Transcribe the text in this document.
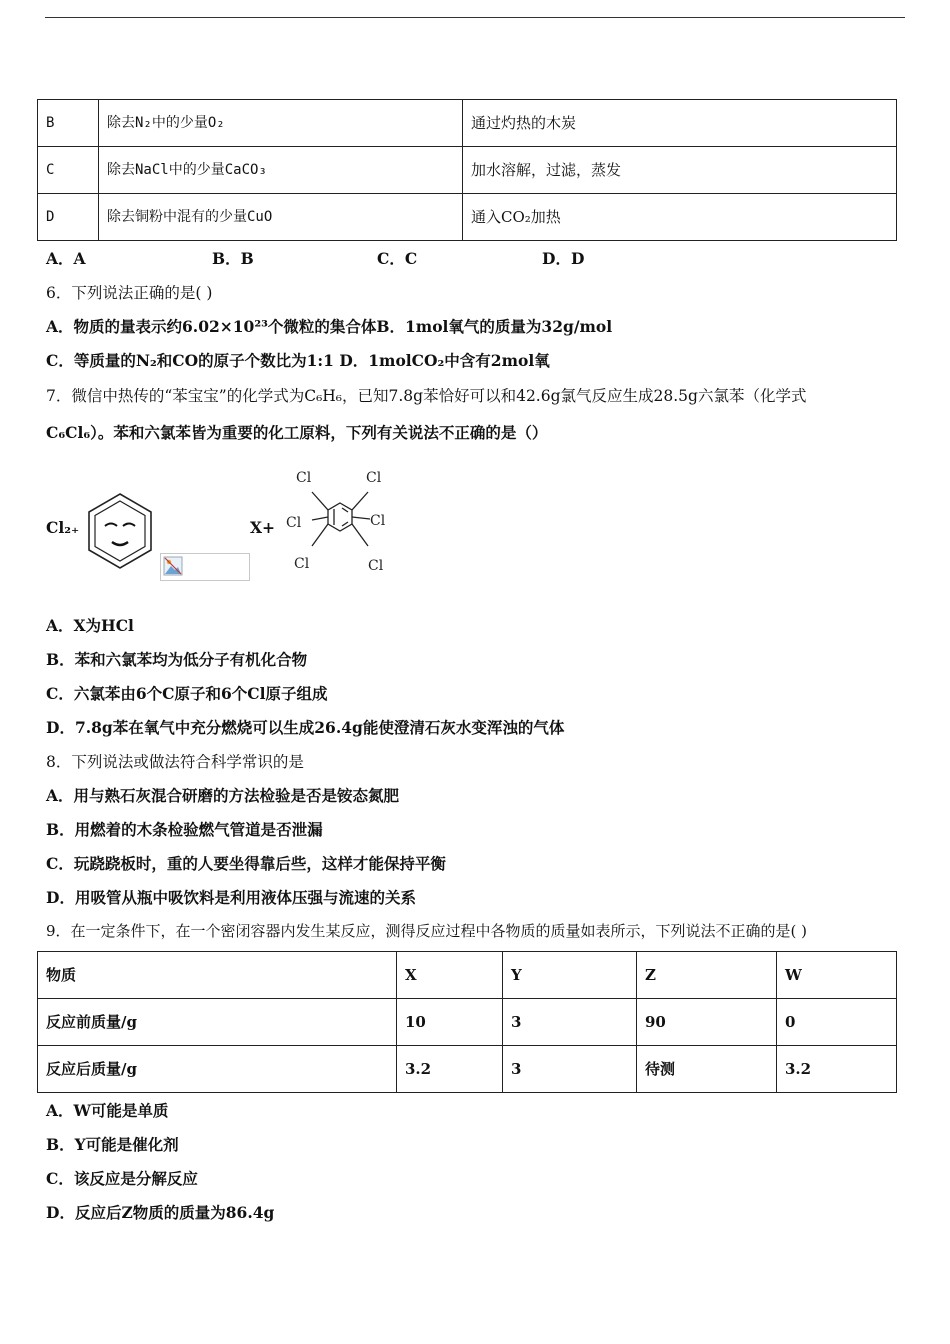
B	除去N₂中的少量O₂	通过灼热的木炭
C	除去NaCl中的少量CaCO₃	加水溶解，过滤，蒸发
D	除去铜粉中混有的少量CuO	通入CO₂加热
A．A	B．B	C．C	D．D
6．下列说法正确的是( )
A．物质的量表示约6.02×10²³个微粒的集合体B．1mol氧气的质量为32g/mol
C．等质量的N₂和CO的原子个数比为1:1 D．1molCO₂中含有2mol氧
7．微信中热传的“苯宝宝”的化学式为C₆H₆，已知7.8g苯恰好可以和42.6g氯气反应生成28.5g六氯苯（化学式
C₆Cl₆）。苯和六氯苯皆为重要的化工原料，下列有关说法不正确的是（）
Cl₂₊	X+
Cl	Cl
Cl	Cl
Cl	Cl
A．X为HCl
B．苯和六氯苯均为低分子有机化合物
C．六氯苯由6个C原子和6个Cl原子组成
D．7.8g苯在氧气中充分燃烧可以生成26.4g能使澄清石灰水变浑浊的气体
8．下列说法或做法符合科学常识的是
A．用与熟石灰混合研磨的方法检验是否是铵态氮肥
B．用燃着的木条检验燃气管道是否泄漏
C．玩跷跷板时，重的人要坐得靠后些，这样才能保持平衡
D．用吸管从瓶中吸饮料是利用液体压强与流速的关系
9．在一定条件下，在一个密闭容器内发生某反应，测得反应过程中各物质的质量如表所示，下列说法不正确的是( )
物质	X	Y	Z	W
反应前质量/g	10	3	90	0
反应后质量/g	3.2	3	待测	3.2
A．W可能是单质
B．Y可能是催化剂
C．该反应是分解反应
D．反应后Z物质的质量为86.4g
